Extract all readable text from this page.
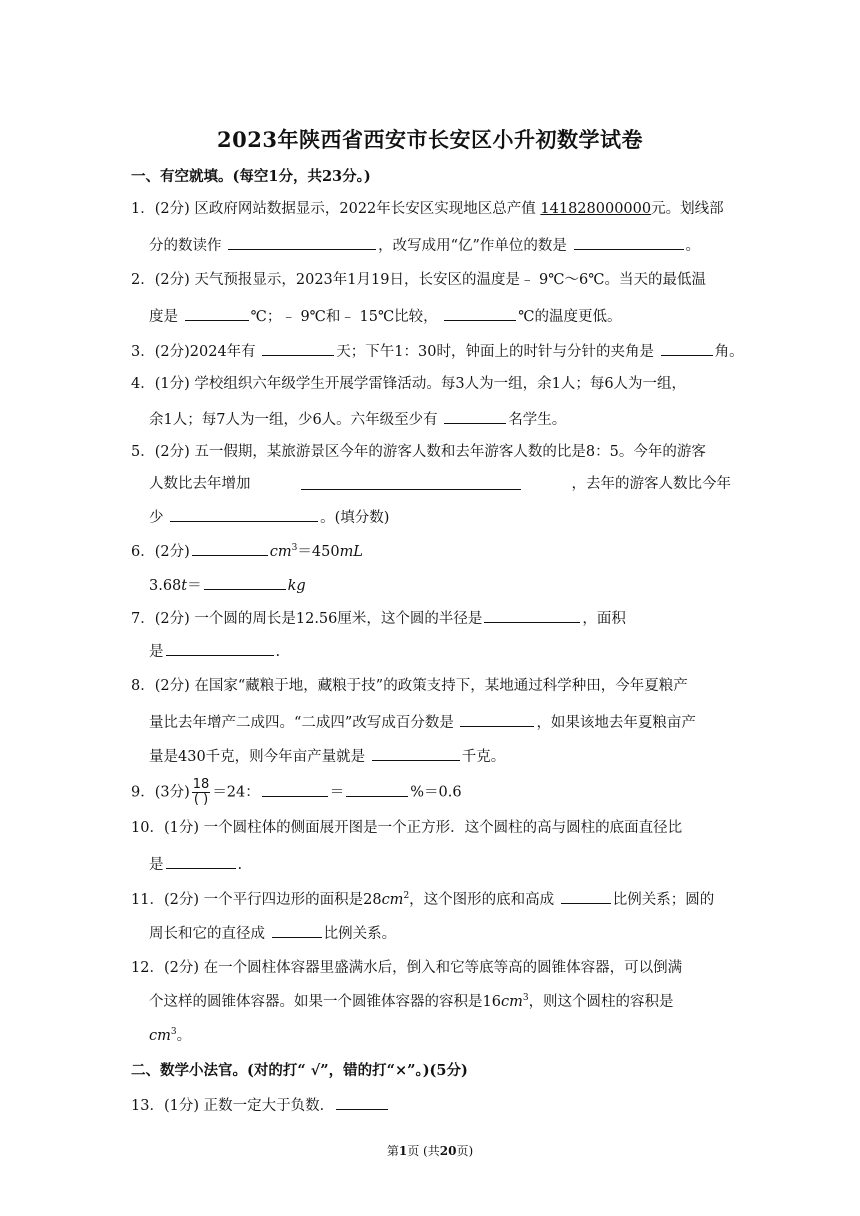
2023年陕西省西安市长安区小升初数学试卷
一、有空就填。(每空1分，共23分。)
1．(2分) 区政府网站数据显示，2022年长安区实现地区总产值 141828000000元。划线部
分的数读作	，改写成用“亿”作单位的数是	。
2．(2分) 天气预报显示，2023年1月19日，长安区的温度是﹣ 9℃～6℃。当天的最低温
度是	℃；﹣ 9℃和﹣ 15℃比较，	℃的温度更低。
3．(2分)2024年有	天；下午1：30时，钟面上的时针与分针的夹角是	角。
4．(1分) 学校组织六年级学生开展学雷锋活动。每3人为一组，余1人；每6人为一组，
余1人；每7人为一组，少6人。六年级至少有	名学生。
5．(2分) 五一假期，某旅游景区今年的游客人数和去年游客人数的比是8：5。今年的游客
人数比去年增加	，去年的游客人数比今年
少	。(填分数)
6．(2分)	$cm^3=450mL$
3.68t＝	kg
7．(2分) 一个圆的周长是12.56厘米，这个圆的半径是	，面积
是	.
8．(2分) 在国家“藏粮于地，藏粮于技”的政策支持下，某地通过科学种田，今年夏粮产
量比去年增产二成四。“二成四”改写成百分数是	，如果该地去年夏粮亩产
量是430千克，则今年亩产量就是	千克。
9．(3分) $\frac{18}{( )} =24$：	＝	%＝0.6
10．(1分) 一个圆柱体的侧面展开图是一个正方形．这个圆柱的高与圆柱的底面直径比
是	.
11．(2分) 一个平行四边形的面积是$28cm^2$，这个图形的底和高成	比例关系；圆的
周长和它的直径成	比例关系。
12．(2分) 在一个圆柱体容器里盛满水后，倒入和它等底等高的圆锥体容器，可以倒满
个这样的圆锥体容器。如果一个圆锥体容器的容积是$16cm^3$，则这个圆柱的容积是
$cm^3$。
二、数学小法官。(对的打“ √”，错的打“×”。)(5分)
13．(1分) 正数一定大于负数．
第1页 (共20页)
